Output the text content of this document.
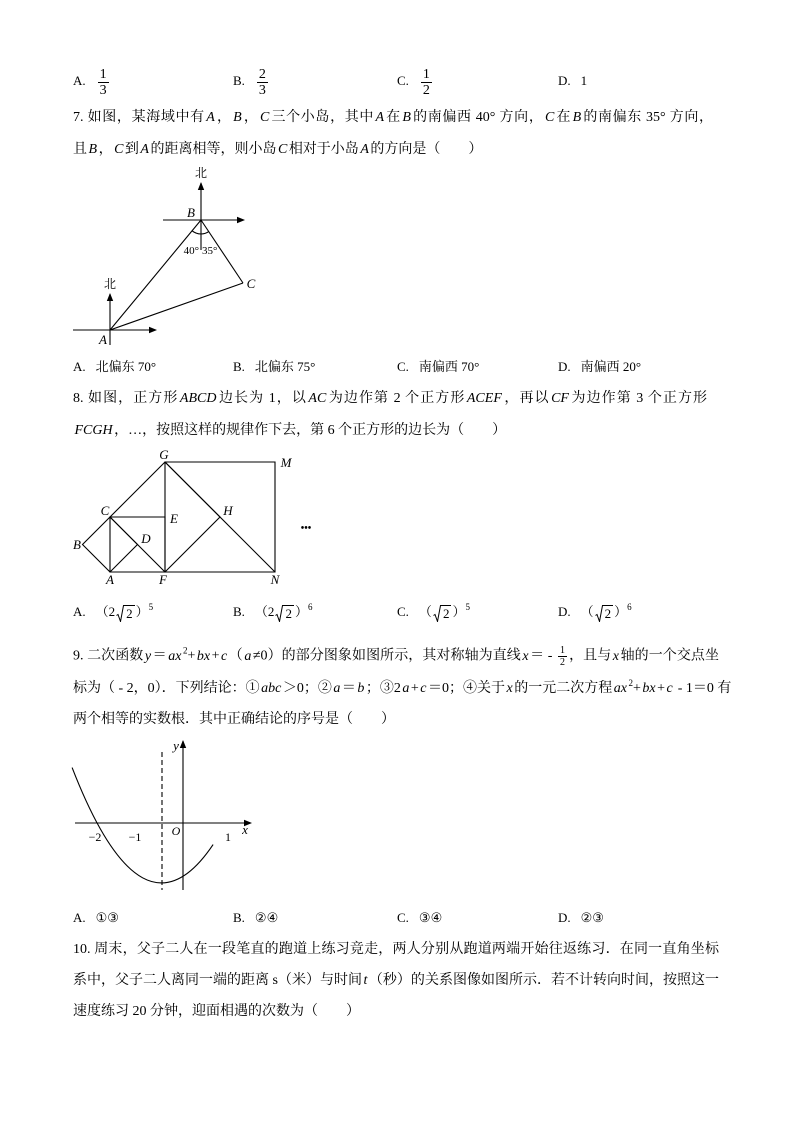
A. $\frac{1}{3}$	B. $\frac{2}{3}$	C. $\frac{1}{2}$	D. 1
7. 如图，某海域中有 A ， B ， C 三个小岛，其中 A 在 B 的南偏西 40° 方向， C 在 B 的南偏东 35° 方向，
且 B ， C 到 A 的距离相等，则小岛 C 相对于小岛 A 的方向是（　　）
北
北
B
A
C
40° 35°
A. 北偏东 70°	B. 北偏东 75°	C. 南偏西 70°	D. 南偏西 20°
8. 如图，正方形 ABCD 边长为 1，以 AC 为边作第 2 个正方形 ACEF ，再以 CF 为边作第 3 个正方形
FCGH ，…，按照这样的规律作下去，第 6 个正方形的边长为（　　）
G
M
C
E
H
B	D
A	F	N
•••
A. （2 2 ）$^5$	B. （2 2 ）$^6$	C. （ 2 ）$^5$	D. （ 2 ）$^6$
9. 二次函数 y ＝ ax $^2$+ bx + c （ a ≠0）的部分图象如图所示，其对称轴为直线 x ＝ - $\frac{1}{2}$ ，且与 x 轴的一个交点坐
标为（ - 2，0）．下列结论：① abc ＞0；② a ＝ b ；③2 a + c ＝0；④关于 x 的一元二次方程 ax $^2$+ bx + c - 1＝0 有
两个相等的实数根．其中正确结论的序号是（　　）
y
x
−2 −1	O	1
A. ①③	B. ②④	C. ③④	D. ②③
10. 周末，父子二人在一段笔直的跑道上练习竞走，两人分别从跑道两端开始往返练习．在同一直角坐标
系中，父子二人离同一端的距离 s（米）与时间 t （秒）的关系图像如图所示．若不计转向时间，按照这一
速度练习 20 分钟，迎面相遇的次数为（　　）
